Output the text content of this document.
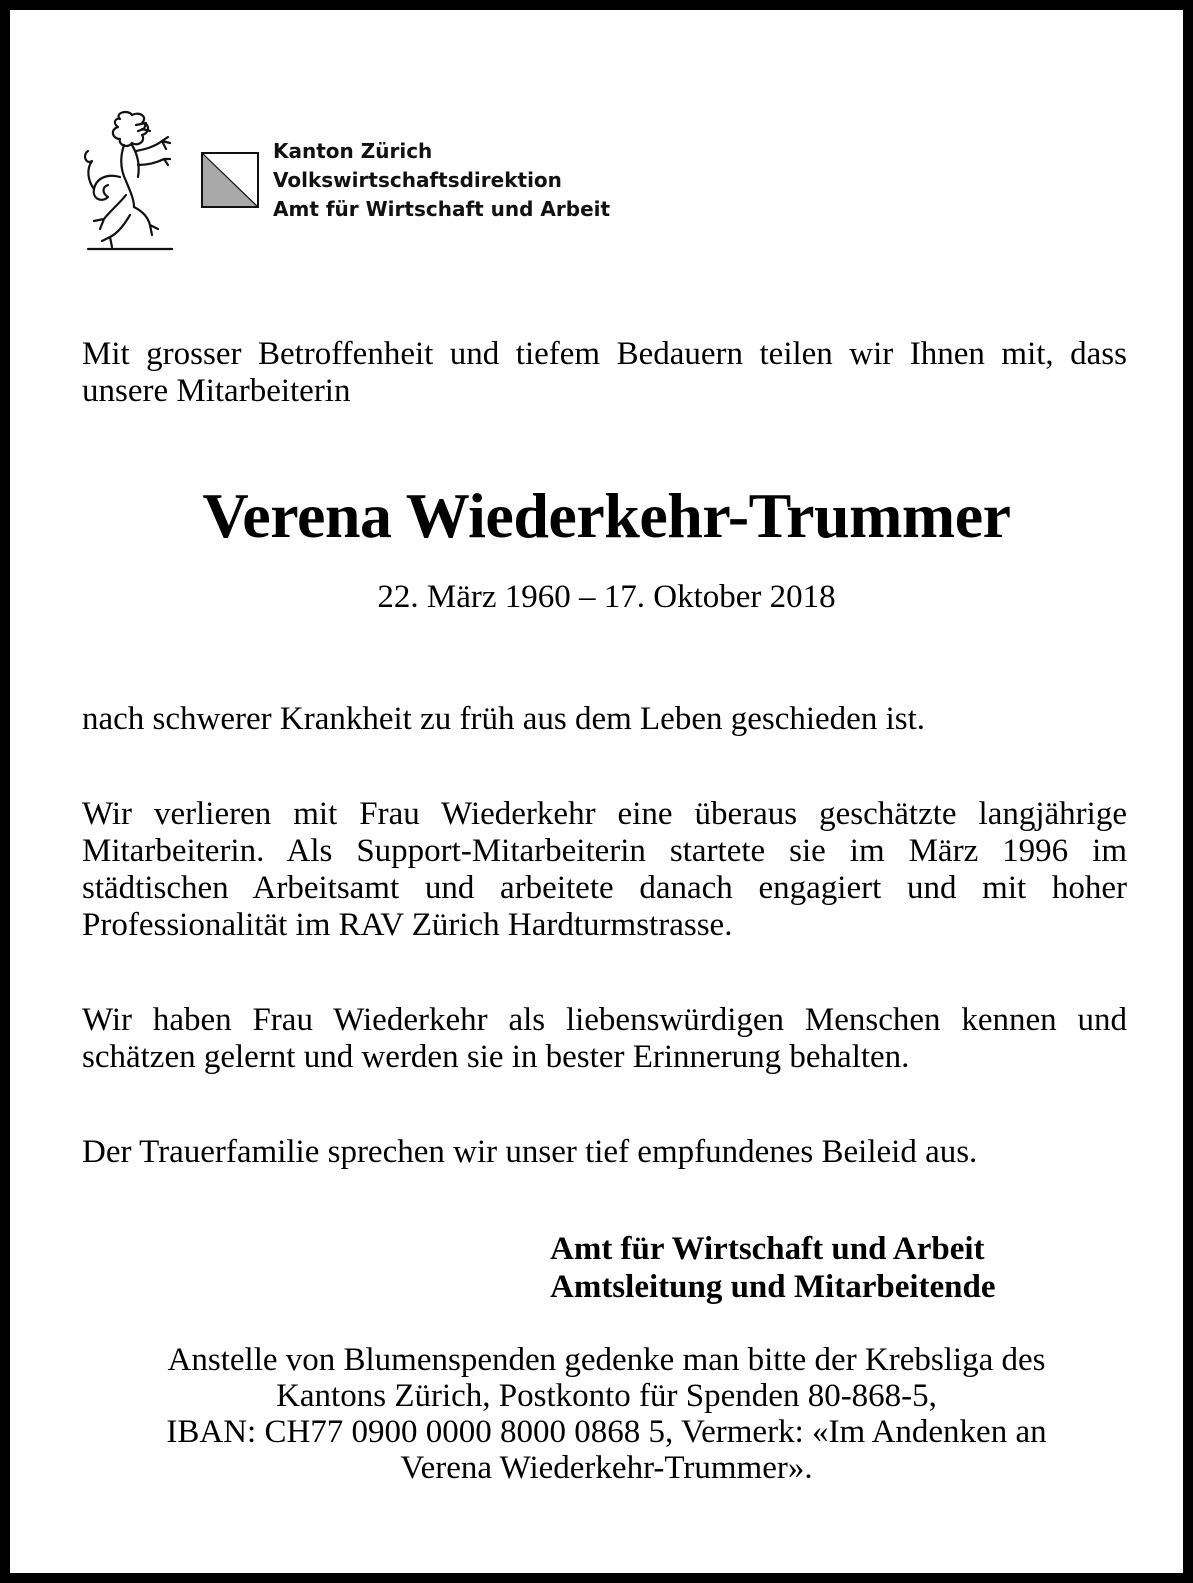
Kanton Zürich
Volkswirtschaftsdirektion
Amt für Wirtschaft und Arbeit
Mit grosser Betroffenheit und tiefem Bedauern teilen wir Ihnen mit, dass unsere Mitarbeiterin
Verena Wiederkehr-Trummer
22. März 1960 – 17. Oktober 2018
nach schwerer Krankheit zu früh aus dem Leben geschieden ist.
Wir verlieren mit Frau Wiederkehr eine überaus geschätzte langjährige Mitarbeiterin. Als Support-Mitarbeiterin startete sie im März 1996 im städtischen Arbeitsamt und arbeitete danach engagiert und mit hoher Professionalität im RAV Zürich Hardturmstrasse.
Wir haben Frau Wiederkehr als liebenswürdigen Menschen kennen und schätzen gelernt und werden sie in bester Erinnerung behalten.
Der Trauerfamilie sprechen wir unser tief empfundenes Beileid aus.
Amt für Wirtschaft und Arbeit
Amtsleitung und Mitarbeitende
Anstelle von Blumenspenden gedenke man bitte der Krebsliga des
Kantons Zürich, Postkonto für Spenden 80-868-5,
IBAN: CH77 0900 0000 8000 0868 5, Vermerk: «Im Andenken an
Verena Wiederkehr-Trummer».
